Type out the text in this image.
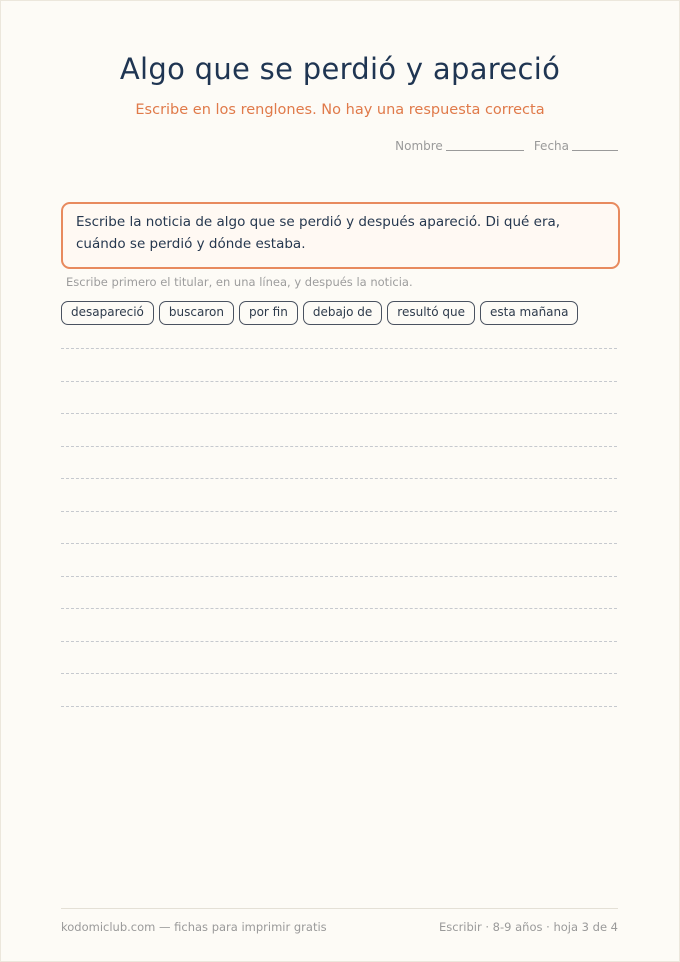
Algo que se perdió y apareció
Escribe en los renglones. No hay una respuesta correcta
Nombre	Fecha
Escribe la noticia de algo que se perdió y después apareció. Di qué era, cuándo se perdió y dónde estaba.
Escribe primero el titular, en una línea, y después la noticia.
desapareció	buscaron	por fin	debajo de	resultó que	esta mañana
kodomiclub.com — fichas para imprimir gratis	Escribir · 8-9 años · hoja 3 de 4
